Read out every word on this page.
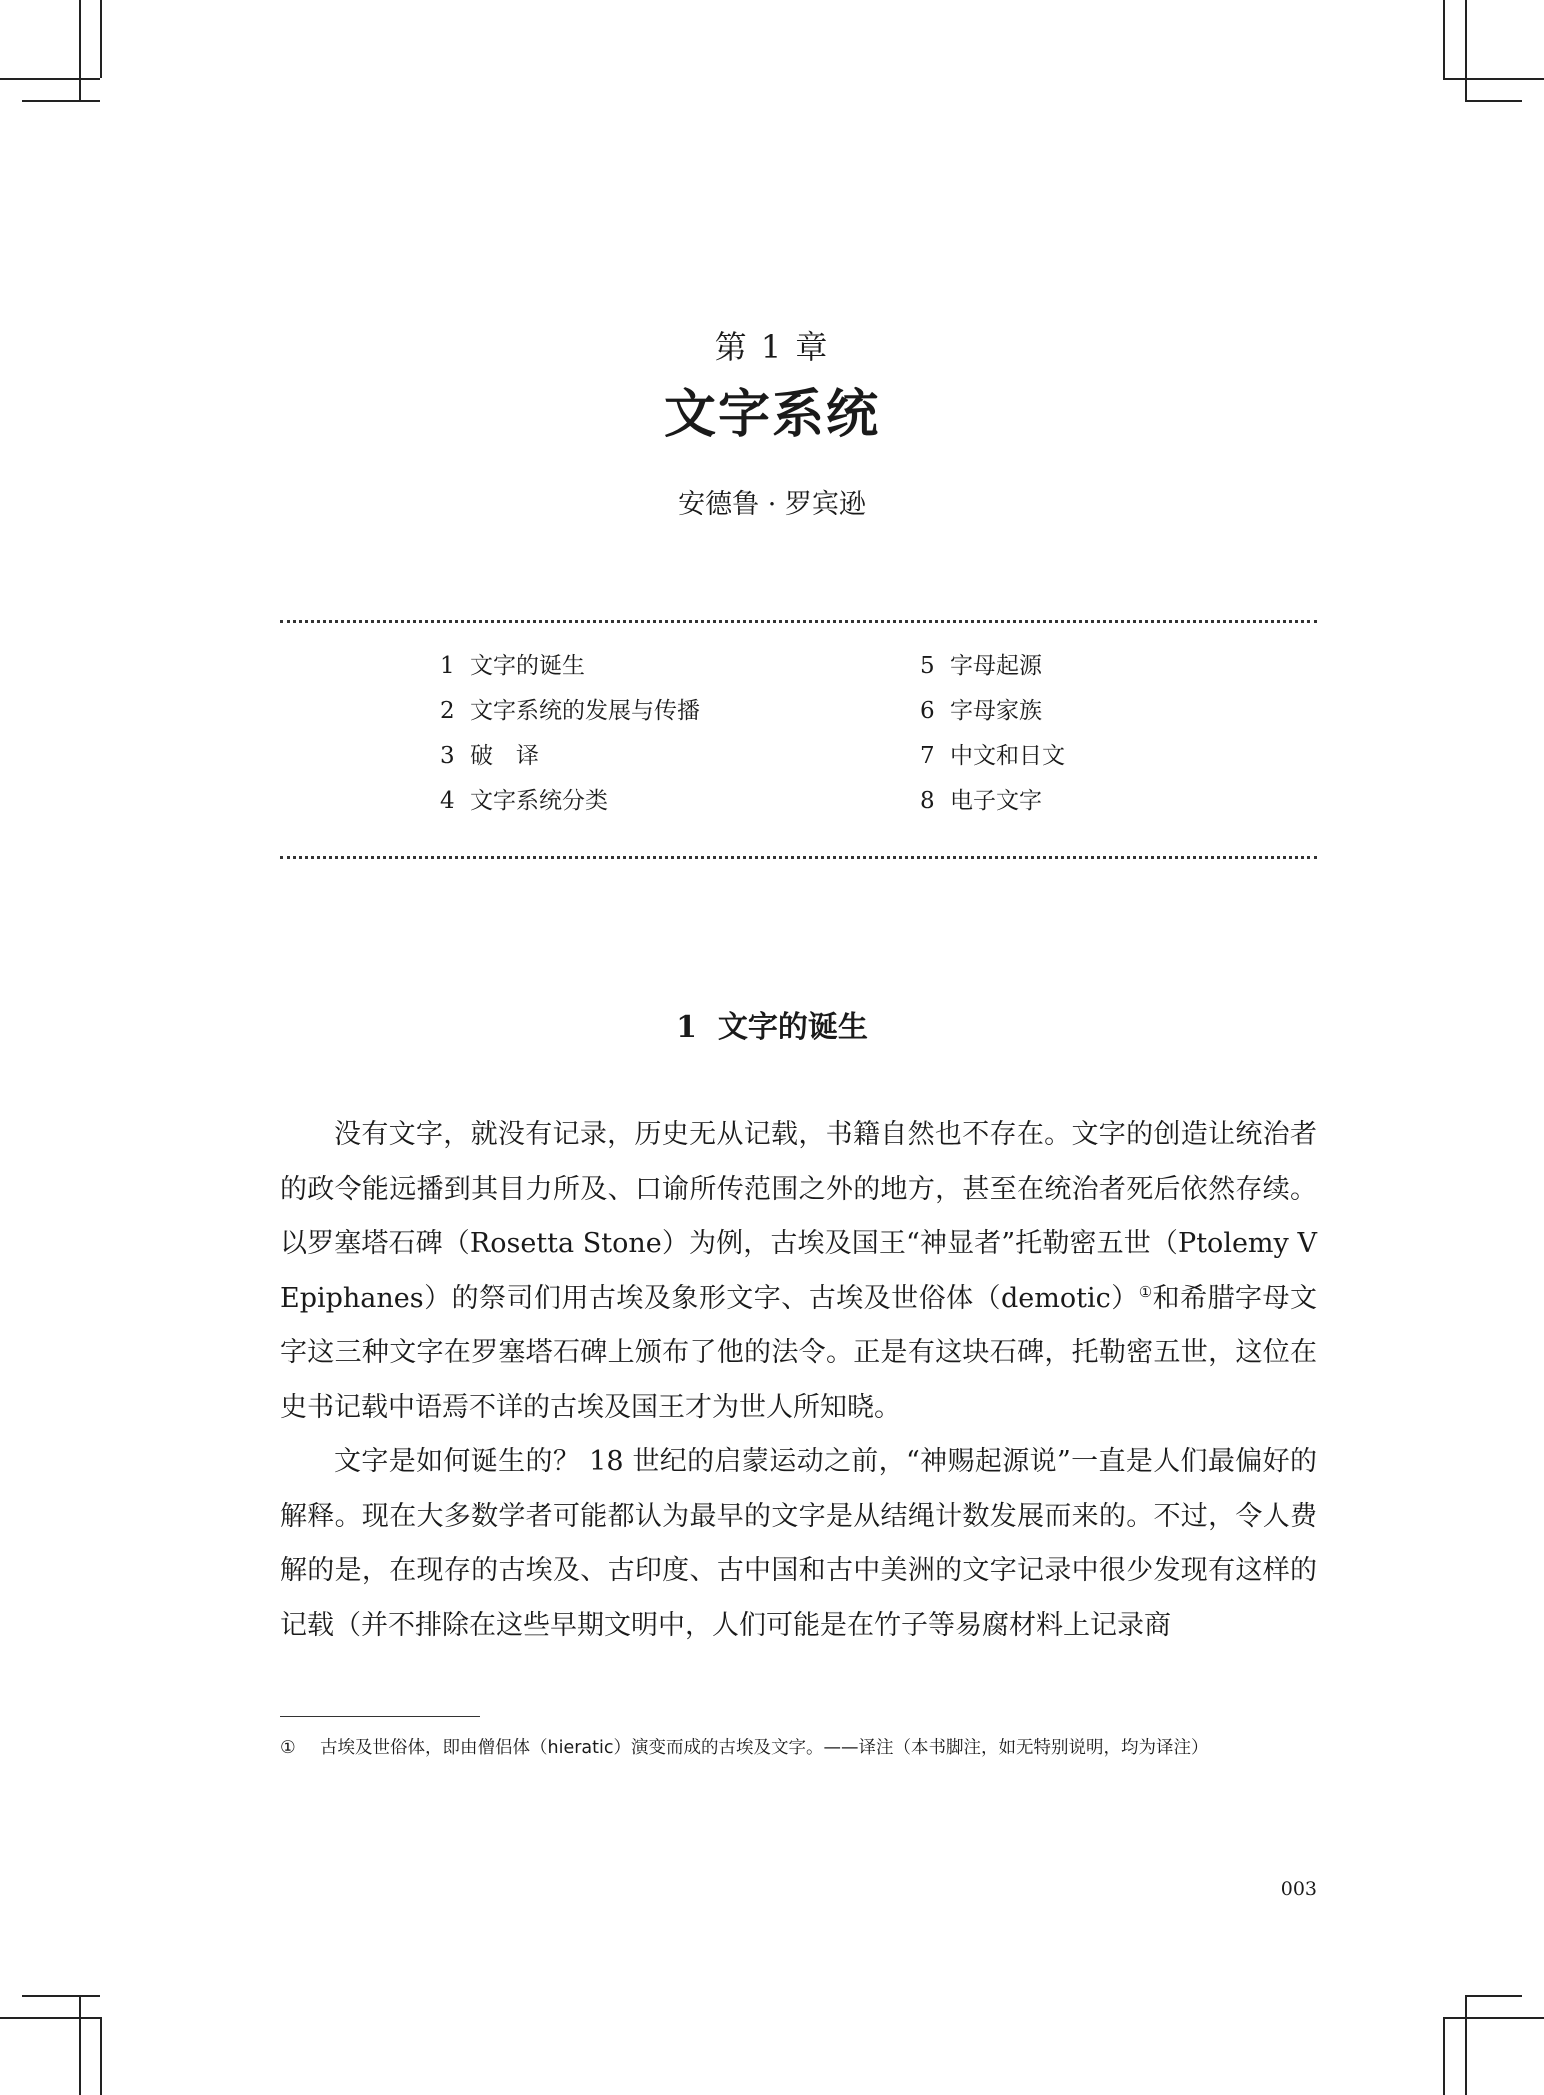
第 1 章
文字系统
安德鲁 · 罗宾逊
1 文字的诞生	5 字母起源
2 文字系统的发展与传播	6 字母家族
3 破　译	7 中文和日文
4 文字系统分类	8 电子文字
1  文字的诞生

没有文字，就没有记录，历史无从记载，书籍自然也不存在。文字的创造让统治者的政令能远播到其目力所及、口谕所传范围之外的地方，甚至在统治者死后依然存续。以罗塞塔石碑（Rosetta Stone）为例，古埃及国王“神显者”托勒密五世（Ptolemy V Epiphanes）的祭司们用古埃及象形文字、古埃及世俗体（demotic）①和希腊字母文字这三种文字在罗塞塔石碑上颁布了他的法令。正是有这块石碑，托勒密五世，这位在史书记载中语焉不详的古埃及国王才为世人所知晓。

文字是如何诞生的？ 18 世纪的启蒙运动之前，“神赐起源说”一直是人们最偏好的解释。现在大多数学者可能都认为最早的文字是从结绳计数发展而来的。不过，令人费解的是，在现存的古埃及、古印度、古中国和古中美洲的文字记录中很少发现有这样的记载（并不排除在这些早期文明中，人们可能是在竹子等易腐材料上记录商

① 古埃及世俗体，即由僧侣体（hieratic）演变而成的古埃及文字。——译注（本书脚注，如无特别说明，均为译注）
003
